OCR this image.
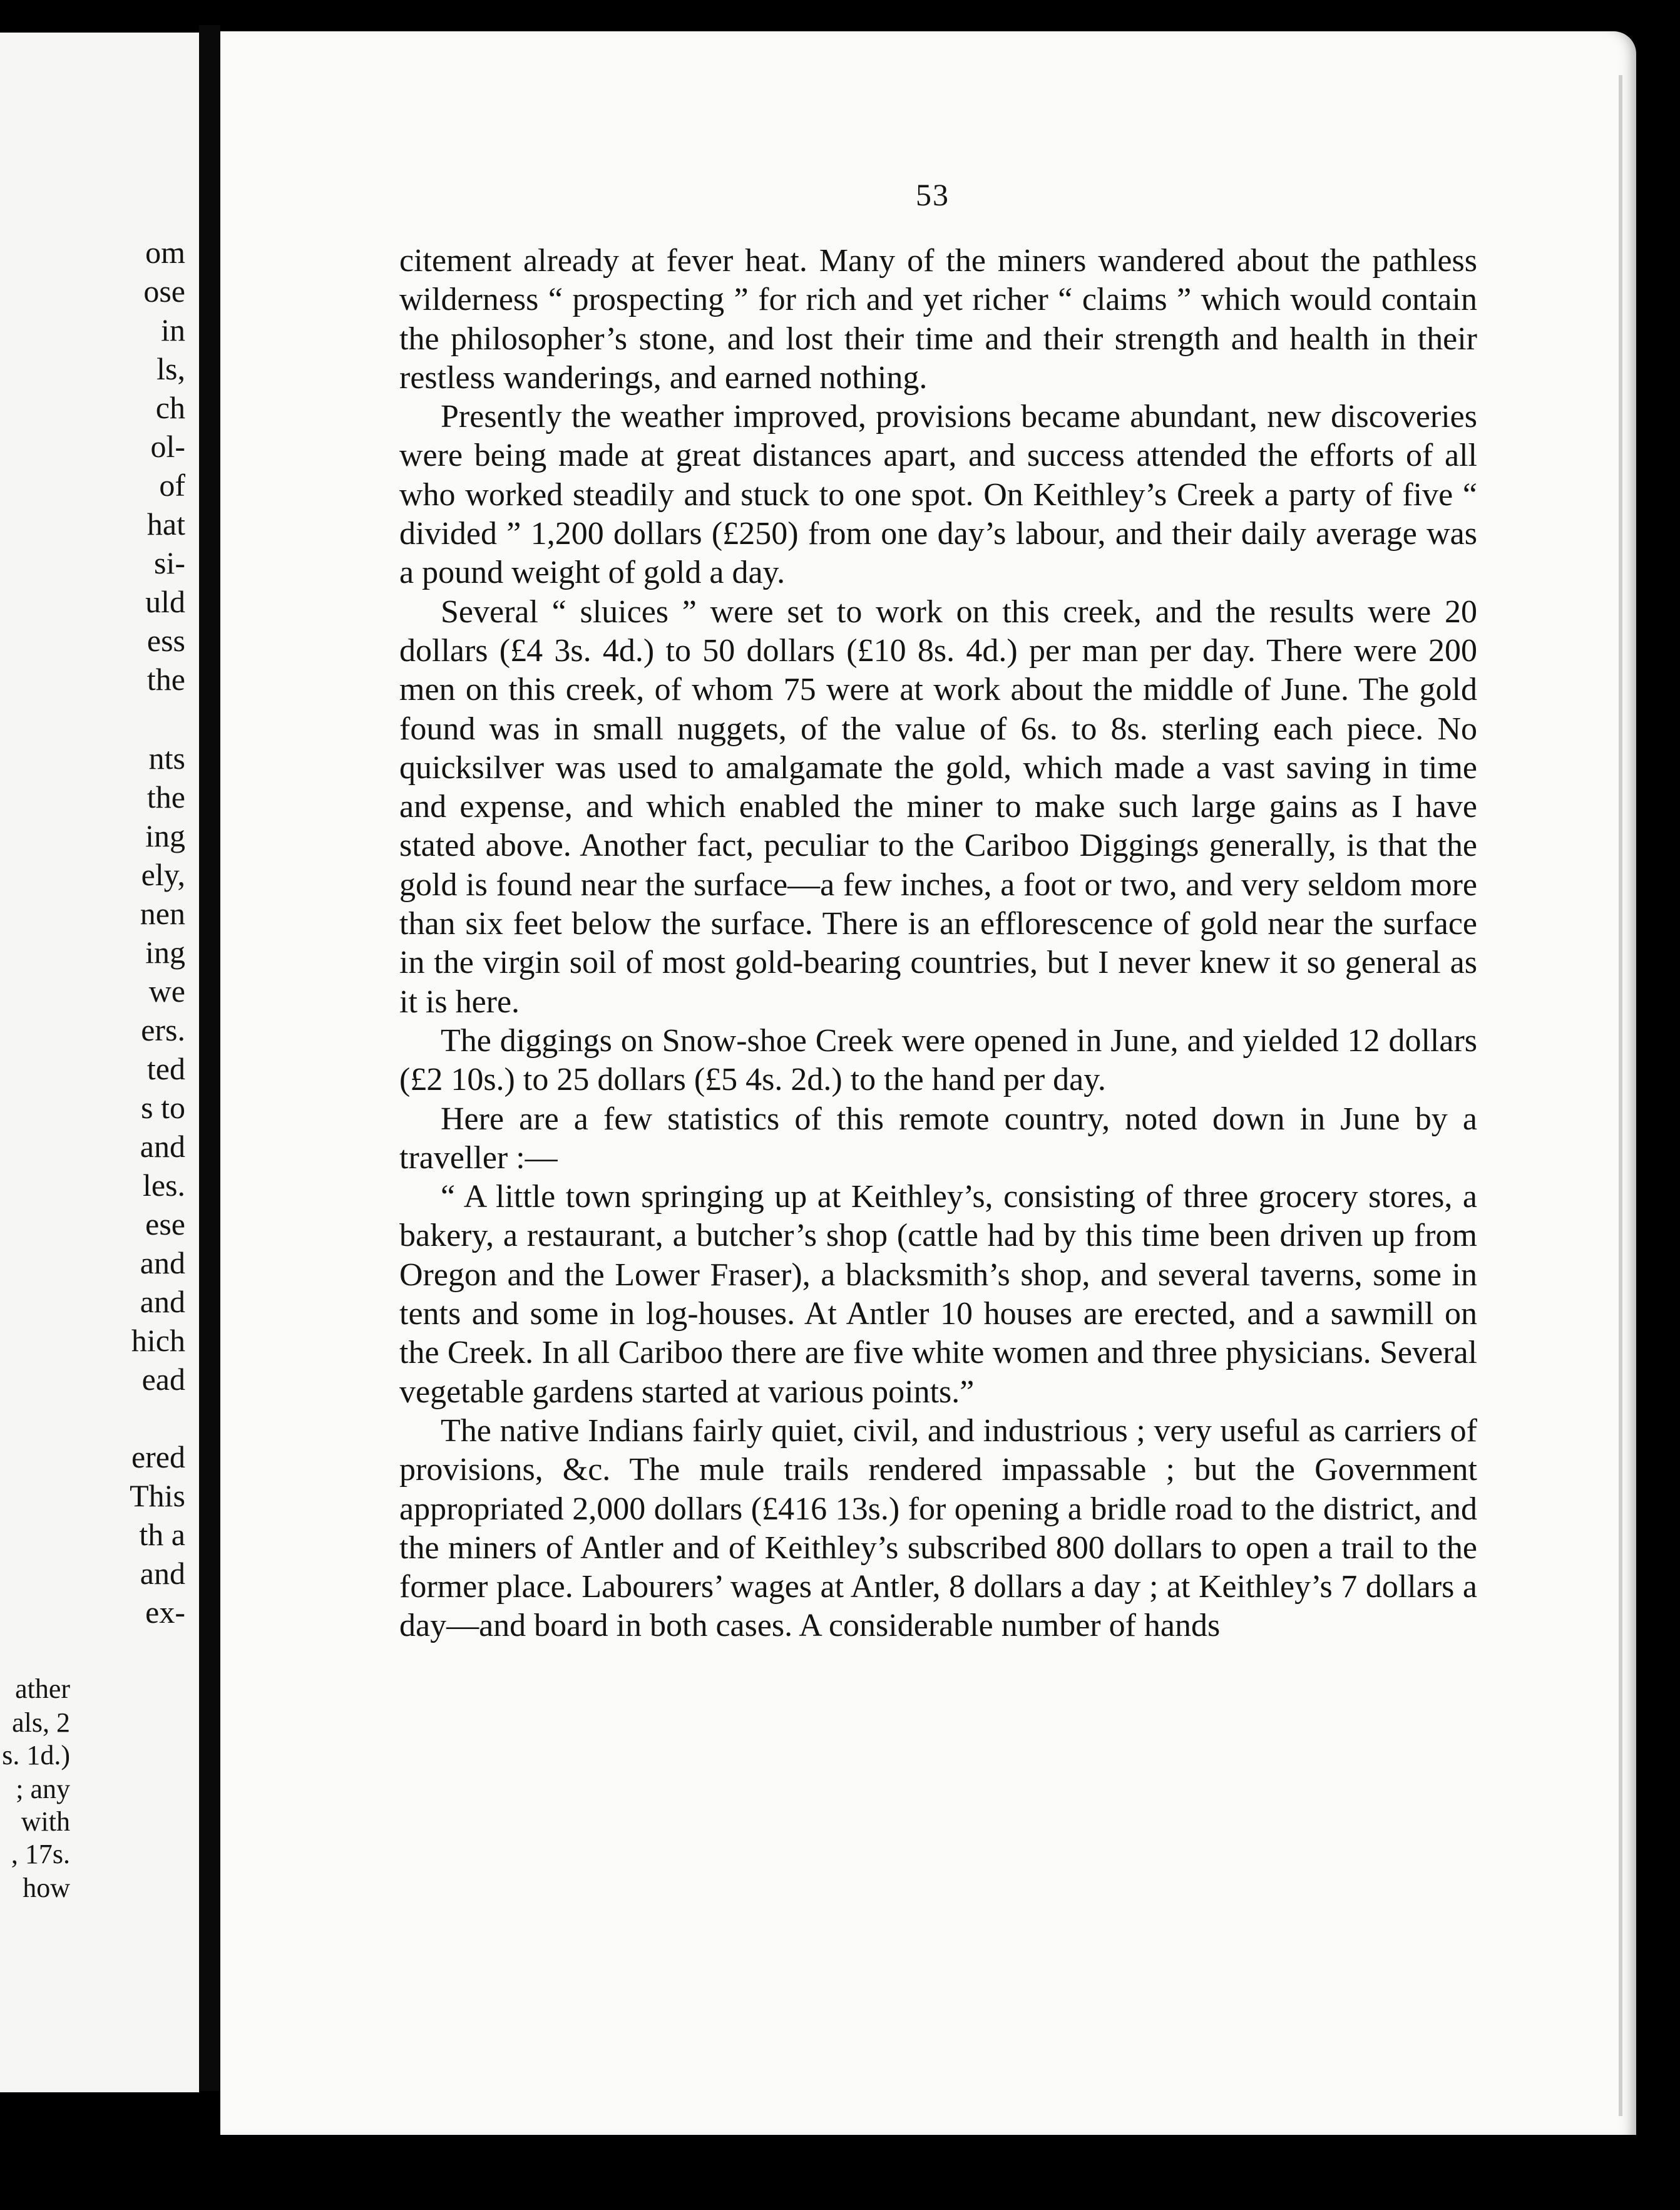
om
ose
in
ls,
ch
ol-
of
hat
si-
uld
ess
the
nts
the
ing
ely,
nen
ing
we
ers.
ted
s to
and
les.
ese
and
and
hich
ead
ered
This
th a
and
ex-
ather
als, 2
s. 1d.)
; any
with
, 17s.
how
53

citement already at fever heat. Many of the miners wandered about the pathless wilderness “ prospecting ” for rich and yet richer “ claims ” which would contain the philosopher’s stone, and lost their time and their strength and health in their restless wanderings, and earned nothing.

Presently the weather improved, provisions became abundant, new discoveries were being made at great distances apart, and success attended the efforts of all who worked steadily and stuck to one spot. On Keithley’s Creek a party of five “ divided ” 1,200 dollars (£250) from one day’s labour, and their daily average was a pound weight of gold a day.

Several “ sluices ” were set to work on this creek, and the results were 20 dollars (£4 3s. 4d.) to 50 dollars (£10 8s. 4d.) per man per day. There were 200 men on this creek, of whom 75 were at work about the middle of June. The gold found was in small nuggets, of the value of 6s. to 8s. sterling each piece. No quicksilver was used to amalgamate the gold, which made a vast saving in time and expense, and which enabled the miner to make such large gains as I have stated above. Another fact, peculiar to the Cariboo Diggings generally, is that the gold is found near the surface—a few inches, a foot or two, and very seldom more than six feet below the surface. There is an efflorescence of gold near the surface in the virgin soil of most gold-bearing countries, but I never knew it so general as it is here.

The diggings on Snow-shoe Creek were opened in June, and yielded 12 dollars (£2 10s.) to 25 dollars (£5 4s. 2d.) to the hand per day.

Here are a few statistics of this remote country, noted down in June by a traveller :—

“ A little town springing up at Keithley’s, consisting of three grocery stores, a bakery, a restaurant, a butcher’s shop (cattle had by this time been driven up from Oregon and the Lower Fraser), a blacksmith’s shop, and several taverns, some in tents and some in log-houses. At Antler 10 houses are erected, and a sawmill on the Creek. In all Cariboo there are five white women and three physicians. Several vegetable gardens started at various points.”

The native Indians fairly quiet, civil, and industrious ; very useful as carriers of provisions, &c. The mule trails rendered impassable ; but the Government appropriated 2,000 dollars (£416 13s.) for opening a bridle road to the district, and the miners of Antler and of Keithley’s subscribed 800 dollars to open a trail to the former place. Labourers’ wages at Antler, 8 dollars a day ; at Keithley’s 7 dollars a day—and board in both cases. A considerable number of hands
